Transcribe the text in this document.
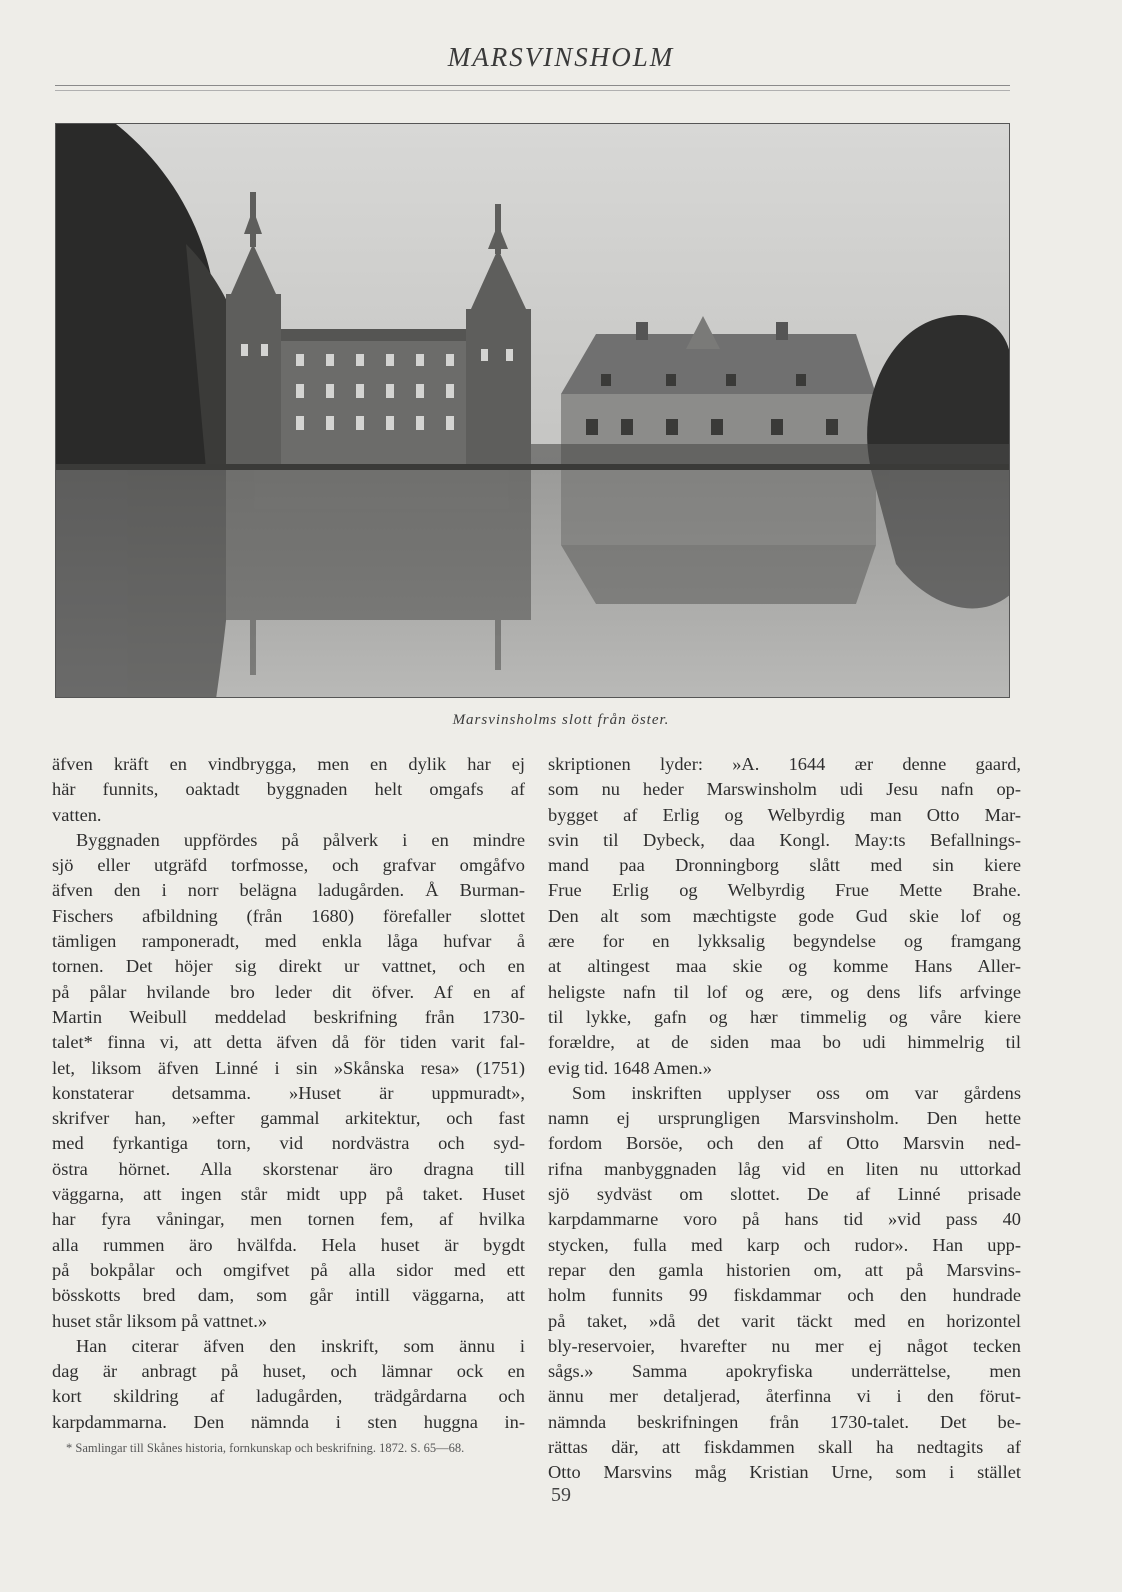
MARSVINSHOLM
Marsvinsholms slott från öster.

äfven kräft en vindbrygga, men en dylik har ej

här funnits, oaktadt byggnaden helt omgafs af

vatten.

Byggnaden uppfördes på pålverk i en mindre

sjö eller utgräfd torfmosse, och grafvar omgåfvo

äfven den i norr belägna ladugården. Å Burman-

Fischers afbildning (från 1680) förefaller slottet

tämligen ramponeradt, med enkla låga hufvar å

tornen. Det höjer sig direkt ur vattnet, och en

på pålar hvilande bro leder dit öfver. Af en af

Martin Weibull meddelad beskrifning från 1730-

talet* finna vi, att detta äfven då för tiden varit fal-

let, liksom äfven Linné i sin »Skånska resa» (1751)

konstaterar detsamma. »Huset är uppmuradt»,

skrifver han, »efter gammal arkitektur, och fast

med fyrkantiga torn, vid nordvästra och syd-

östra hörnet. Alla skorstenar äro dragna till

väggarna, att ingen står midt upp på taket. Huset

har fyra våningar, men tornen fem, af hvilka

alla rummen äro hvälfda. Hela huset är bygdt

på bokpålar och omgifvet på alla sidor med ett

bösskotts bred dam, som går intill väggarna, att

huset står liksom på vattnet.»

Han citerar äfven den inskrift, som ännu i

dag är anbragt på huset, och lämnar ock en

kort skildring af ladugården, trädgårdarna och

karpdammarna. Den nämnda i sten huggna in-

skriptionen lyder: »A. 1644 ær denne gaard,

som nu heder Marswinsholm udi Jesu nafn op-

bygget af Erlig og Welbyrdig man Otto Mar-

svin til Dybeck, daa Kongl. May:ts Befallnings-

mand paa Dronningborg slått med sin kiere

Frue Erlig og Welbyrdig Frue Mette Brahe.

Den alt som mæchtigste gode Gud skie lof og

ære for en lykksalig begyndelse og framgang

at altingest maa skie og komme Hans Aller-

heligste nafn til lof og ære, og dens lifs arfvinge

til lykke, gafn og hær timmelig og våre kiere

forældre, at de siden maa bo udi himmelrig til

evig tid. 1648 Amen.»

Som inskriften upplyser oss om var gårdens

namn ej ursprungligen Marsvinsholm. Den hette

fordom Borsöe, och den af Otto Marsvin ned-

rifna manbyggnaden låg vid en liten nu uttorkad

sjö sydväst om slottet. De af Linné prisade

karpdammarne voro på hans tid »vid pass 40

stycken, fulla med karp och rudor». Han upp-

repar den gamla historien om, att på Marsvins-

holm funnits 99 fiskdammar och den hundrade

på taket, »då det varit täckt med en horizontel

bly-reservoier, hvarefter nu mer ej något tecken

sågs.» Samma apokryfiska underrättelse, men

ännu mer detaljerad, återfinna vi i den förut-

nämnda beskrifningen från 1730-talet. Det be-

rättas där, att fiskdammen skall ha nedtagits af

Otto Marsvins måg Kristian Urne, som i stället

* Samlingar till Skånes historia, fornkunskap och beskrifning. 1872. S. 65—68.

59
